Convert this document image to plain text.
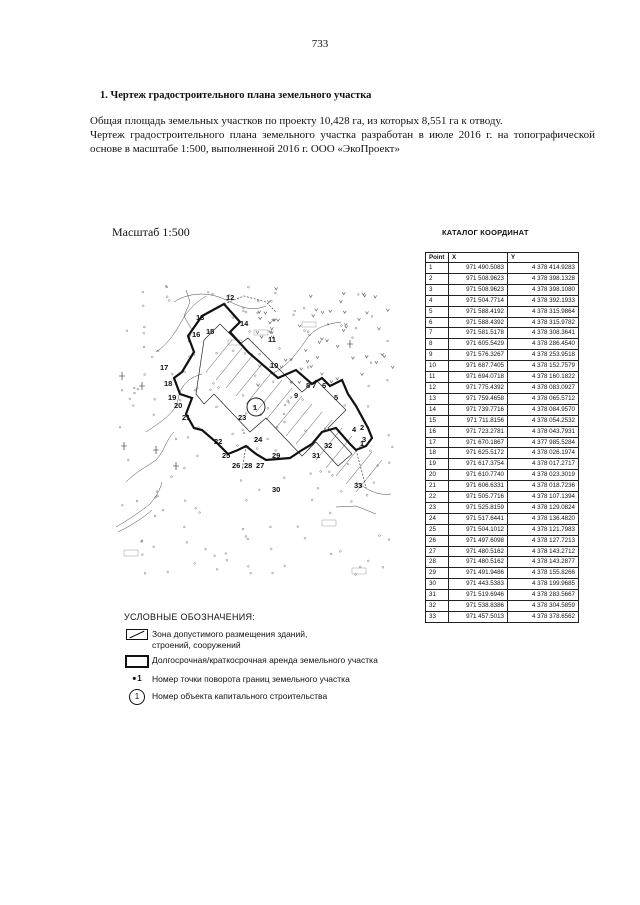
733
1. Чертеж градостроительного плана земельного участка
Общая площадь земельных участков по проекту 10,428 га, из которых 8,551 га к отводу.
Чертеж градостроительного плана земельного участка разработан в июле 2016 г. на топографической основе в масштабе 1:500, выполненной 2016 г. ООО «ЭкоПроект»
Масштаб 1:500	КАТАЛОГ КООРДИНАТ
Point	X	Y
1	971 490.5083	4 378 414.9283
2	971 508.9623	4 378 398.1328
3	971 508.9623	4 378 398.1080
4	971 504.7714	4 378 392.1933
5	971 588.4192	4 378 315.9864
6	971 588.4392	4 378 315.9782
7	971 581.5178	4 378 308.3641
8	971 605.5429	4 378 286.4540
9	971 576.3267	4 378 253.9518
10	971 687.7405	4 378 152.7579
11	971 694.0718	4 378 160.1822
12	971 775.4392	4 378 083.0927
13	971 759.4658	4 378 065.5712
14	971 739.7716	4 378 084.9570
15	971 711.8156	4 378 054.2532
16	971 723.2781	4 378 043.7931
17	971 670.1867	4 377 985.5284
18	971 625.5172	4 378 026.1974
19	971 617.3754	4 378 017.2717
20	971 610.7740	4 378 023.3019
21	971 606.6331	4 378 018.7236
22	971 505.7716	4 378 107.1394
23	971 525.8159	4 378 129.0824
24	971 517.6441	4 378 136.4820
25	971 504.1012	4 378 121.7983
26	971 497.6098	4 378 127.7213
27	971 480.5162	4 378 143.2712
28	971 480.5162	4 378 143.2877
29	971 491.9486	4 378 155.8266
30	971 443.5383	4 378 199.9685
31	971 519.6946	4 378 283.5667
32	971 538.8386	4 378 304.5859
33	971 457.5013	4 378 378.6562
1
1
2
3
4
5
6
7
8
9
10
11
12
13
14
15
16
17
18
19
20
21
22
23
24
25
26 27
28
29
30
31
32
33
УСЛОВНЫЕ ОБОЗНАЧЕНИЯ:
Зона допустимого размещения зданий,
строений, сооружений
Долгосрочная/краткосрочная аренда земельного участка
• 1 Номер точки поворота границ земельного участка
1	Номер объекта капитального строительства
